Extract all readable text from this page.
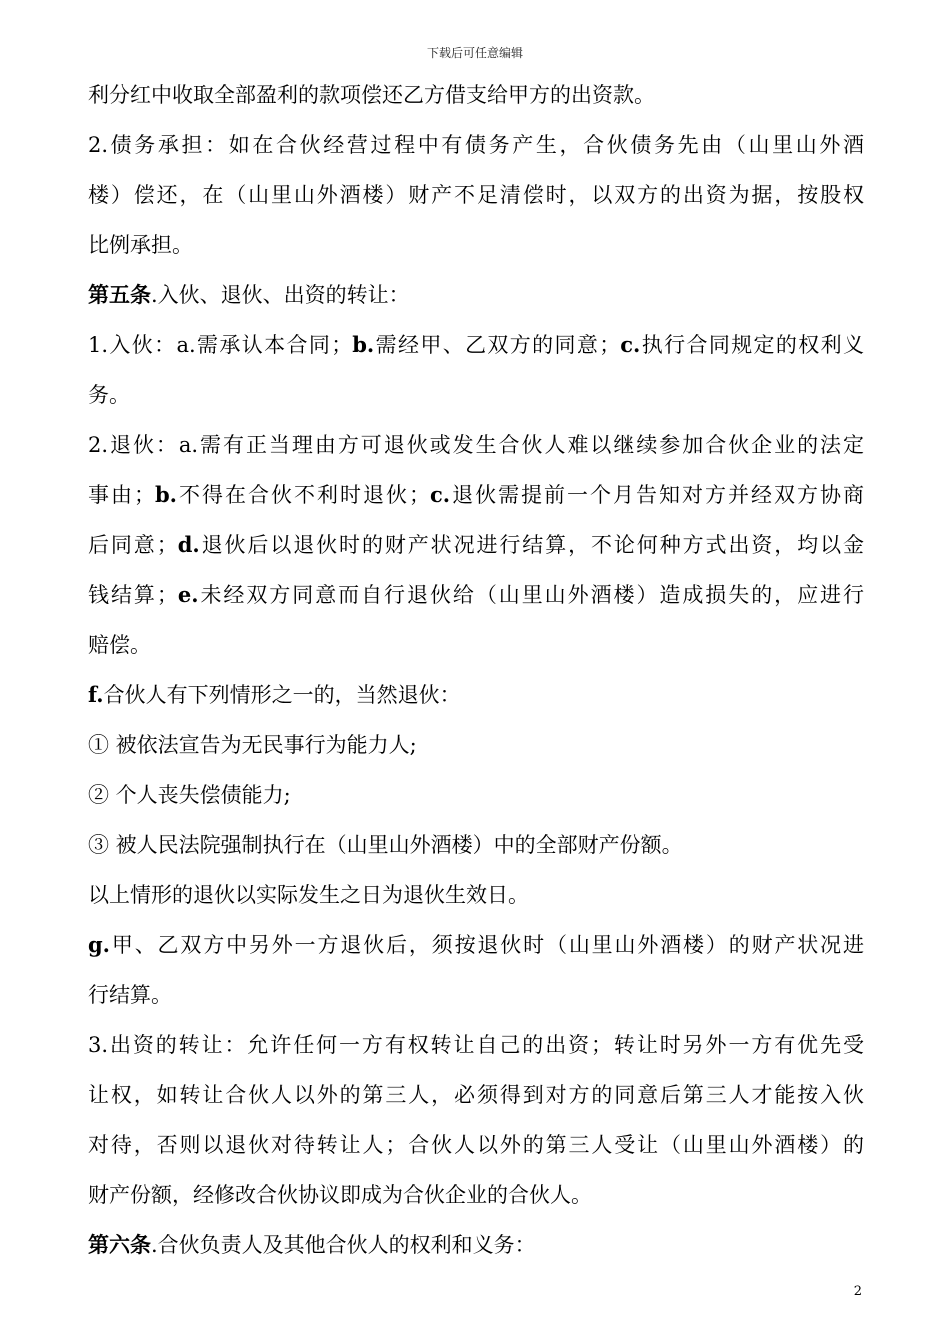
下载后可任意编辑
利分红中收取全部盈利的款项偿还乙方借支给甲方的出资款。
2.债务承担：如在合伙经营过程中有债务产生，合伙债务先由（山里山外酒
楼）偿还，在（山里山外酒楼）财产不足清偿时，以双方的出资为据，按股权
比例承担。
第五条.入伙、退伙、出资的转让：
1.入伙：a.需承认本合同；b.需经甲、乙双方的同意；c.执行合同规定的权利义
务。
2.退伙：a.需有正当理由方可退伙或发生合伙人难以继续参加合伙企业的法定
事由；b.不得在合伙不利时退伙；c.退伙需提前一个月告知对方并经双方协商
后同意；d.退伙后以退伙时的财产状况进行结算，不论何种方式出资，均以金
钱结算；e.未经双方同意而自行退伙给（山里山外酒楼）造成损失的，应进行
赔偿。
f.合伙人有下列情形之一的，当然退伙：
① 被依法宣告为无民事行为能力人;
② 个人丧失偿债能力;
③ 被人民法院强制执行在（山里山外酒楼）中的全部财产份额。
以上情形的退伙以实际发生之日为退伙生效日。
g.甲、乙双方中另外一方退伙后，须按退伙时（山里山外酒楼）的财产状况进
行结算。
3.出资的转让：允许任何一方有权转让自己的出资；转让时另外一方有优先受
让权，如转让合伙人以外的第三人，必须得到对方的同意后第三人才能按入伙
对待，否则以退伙对待转让人；合伙人以外的第三人受让（山里山外酒楼）的
财产份额，经修改合伙协议即成为合伙企业的合伙人。
第六条.合伙负责人及其他合伙人的权利和义务：
2
